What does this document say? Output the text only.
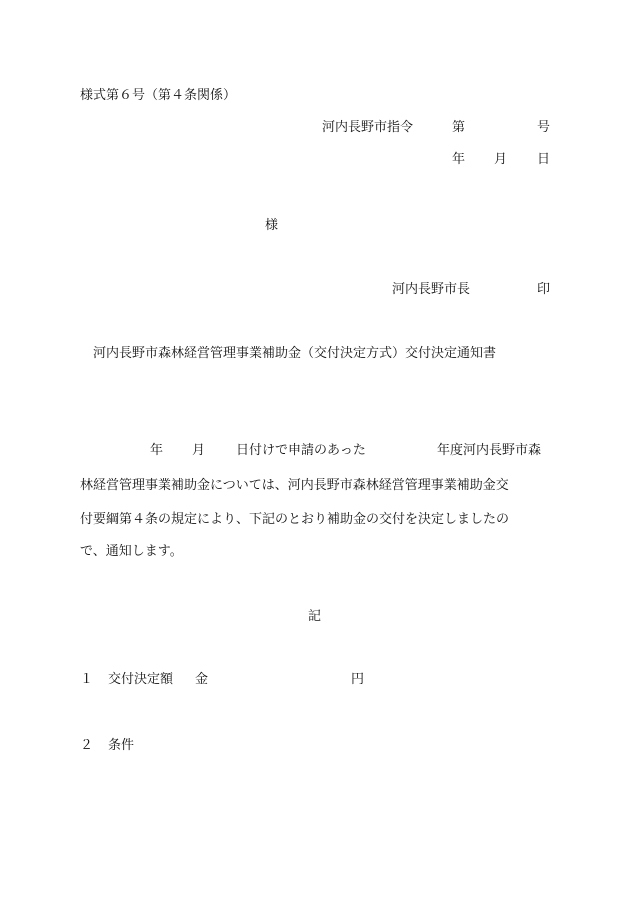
様式第６号（第４条関係）
河内長野市指令	第	号
年 月 日
様
河内長野市長	印
河内長野市森林経営管理事業補助金（交付決定方式）交付決定通知書
年 月 日付けで申請のあった	年度河内長野市森
林経営管理事業補助金については、河内長野市森林経営管理事業補助金交
付要綱第４条の規定により、下記のとおり補助金の交付を決定しましたの
で、通知します。
記
１ 交付決定額 金	円
２ 条件
